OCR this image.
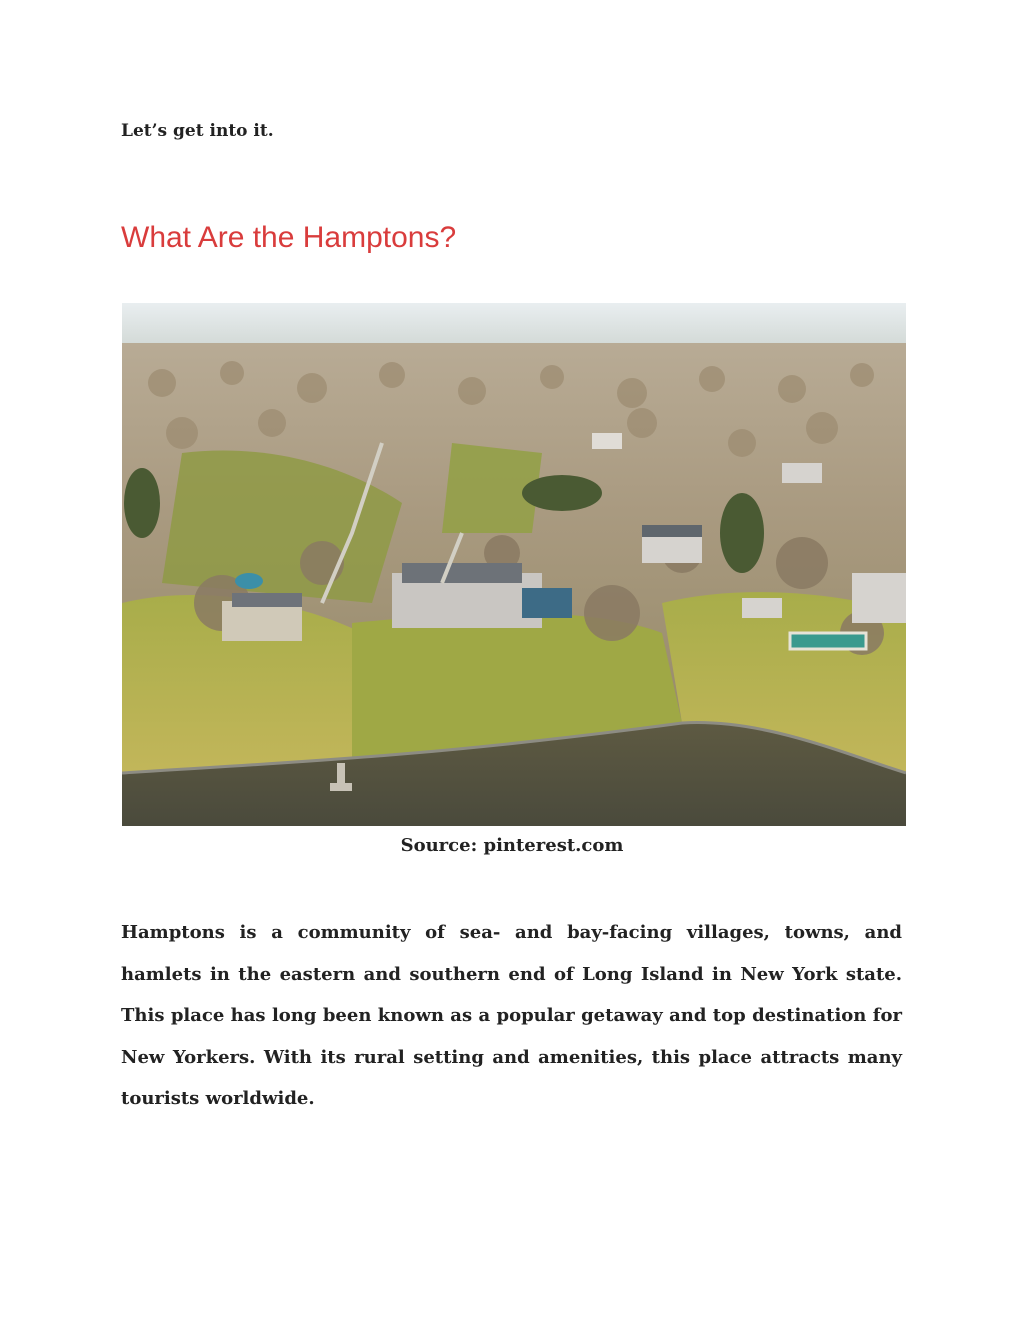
Let’s get into it.

What Are the Hamptons?

Source: pinterest.com

Hamptons is a community of sea- and bay-facing villages, towns, and hamlets in the eastern and southern end of Long Island in New York state. This place has long been known as a popular getaway and top destination for New Yorkers. With its rural setting and amenities, this place attracts many tourists worldwide.
